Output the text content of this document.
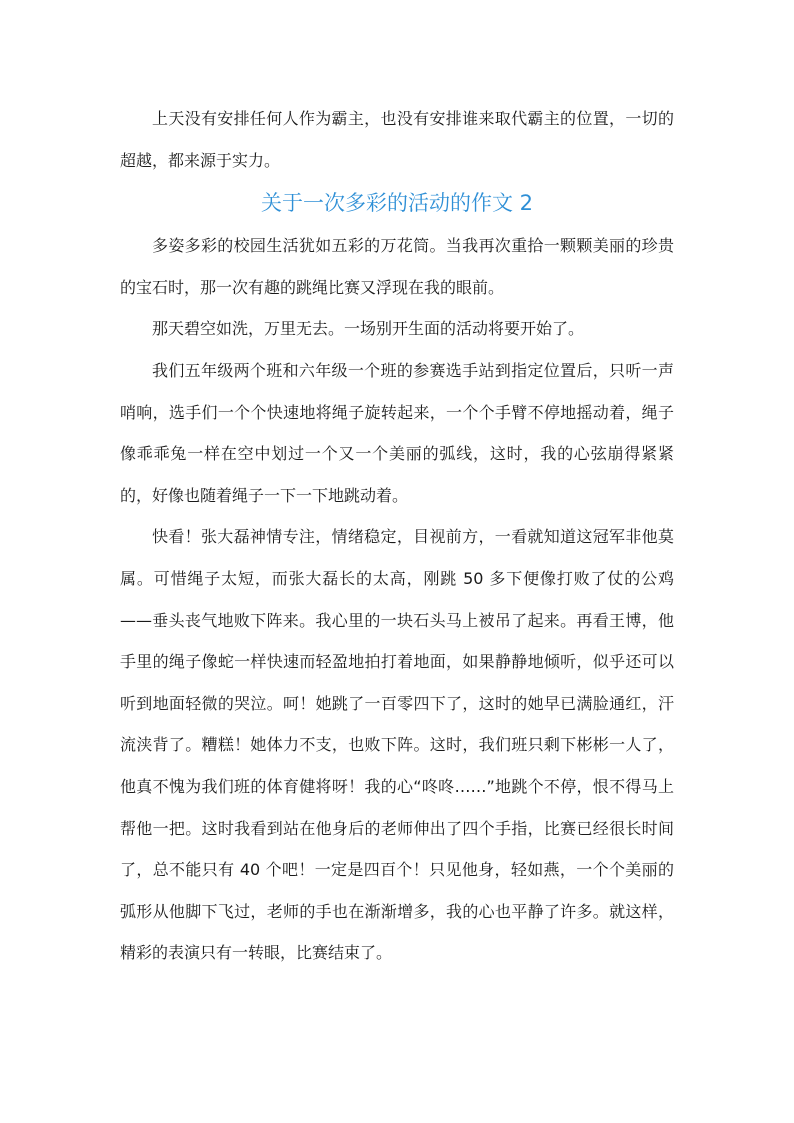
上天没有安排任何人作为霸主，也没有安排谁来取代霸主的位置，一切的超越，都来源于实力。

关于一次多彩的活动的作文 2

多姿多彩的校园生活犹如五彩的万花筒。当我再次重拾一颗颗美丽的珍贵的宝石时，那一次有趣的跳绳比赛又浮现在我的眼前。

那天碧空如洗，万里无去。一场别开生面的活动将要开始了。

我们五年级两个班和六年级一个班的参赛选手站到指定位置后，只听一声哨响，选手们一个个快速地将绳子旋转起来，一个个手臂不停地摇动着，绳子像乖乖兔一样在空中划过一个又一个美丽的弧线，这时，我的心弦崩得紧紧的，好像也随着绳子一下一下地跳动着。

快看！张大磊神情专注，情绪稳定，目视前方，一看就知道这冠军非他莫属。可惜绳子太短，而张大磊长的太高，刚跳 50 多下便像打败了仗的公鸡——垂头丧气地败下阵来。我心里的一块石头马上被吊了起来。再看王博，他手里的绳子像蛇一样快速而轻盈地拍打着地面，如果静静地倾听，似乎还可以听到地面轻微的哭泣。呵！她跳了一百零四下了，这时的她早已满脸通红，汗流浃背了。糟糕！她体力不支，也败下阵。这时，我们班只剩下彬彬一人了，他真不愧为我们班的体育健将呀！我的心“咚咚……”地跳个不停，恨不得马上帮他一把。这时我看到站在他身后的老师伸出了四个手指，比赛已经很长时间了，总不能只有 40 个吧！一定是四百个！只见他身，轻如燕，一个个美丽的弧形从他脚下飞过，老师的手也在渐渐增多，我的心也平静了许多。就这样，精彩的表演只有一转眼，比赛结束了。
